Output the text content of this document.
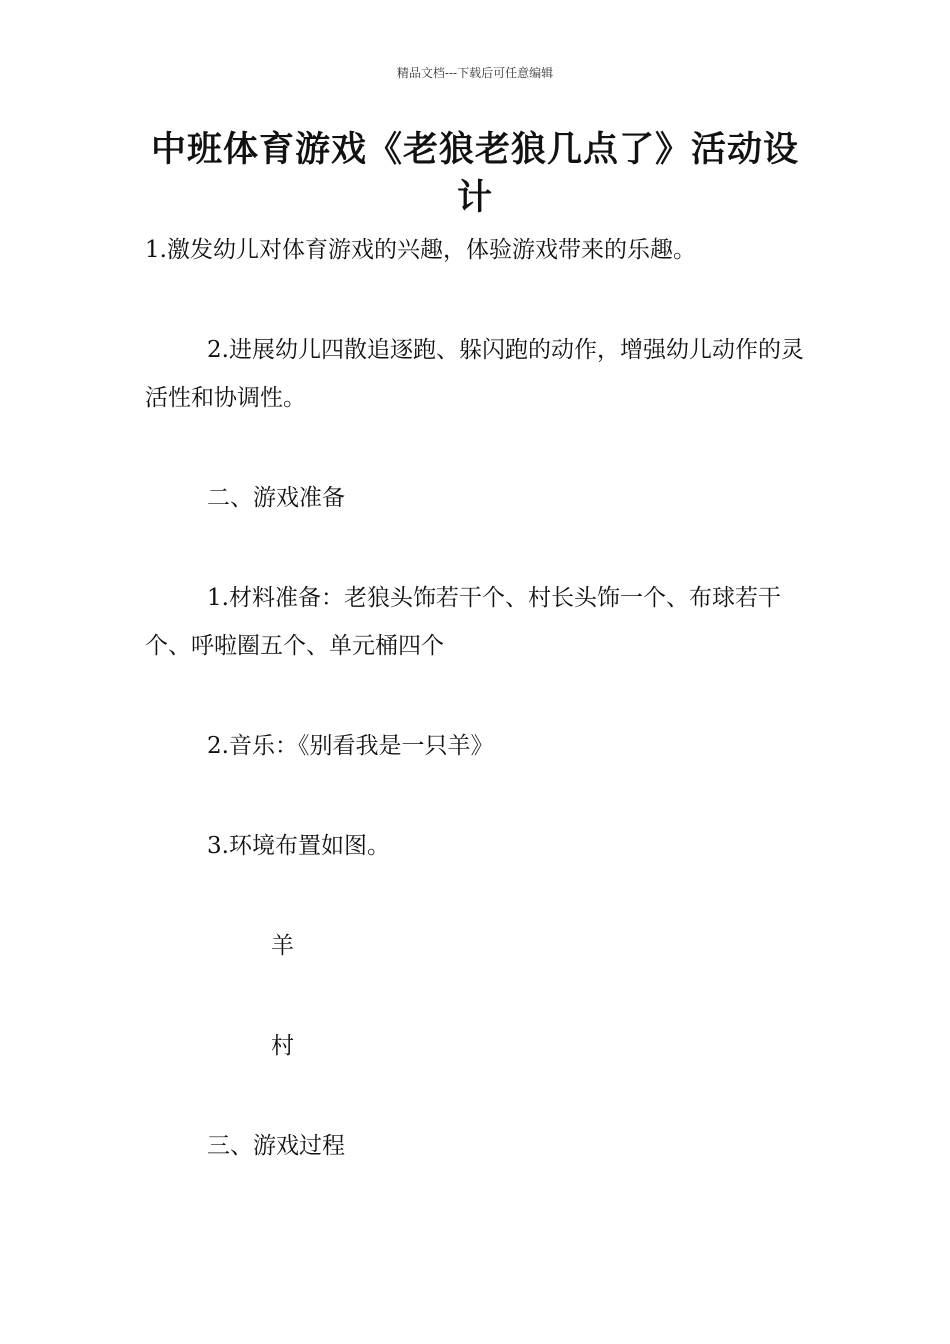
精品文档---下载后可任意编辑
中班体育游戏《老狼老狼几点了》活动设计

1.激发幼儿对体育游戏的兴趣，体验游戏带来的乐趣。

2.进展幼儿四散追逐跑、躲闪跑的动作，增强幼儿动作的灵活性和协调性。

二、游戏准备

1.材料准备：老狼头饰若干个、村长头饰一个、布球若干个、呼啦圈五个、单元桶四个

2.音乐：《别看我是一只羊》

3.环境布置如图。

羊

村

三、游戏过程
